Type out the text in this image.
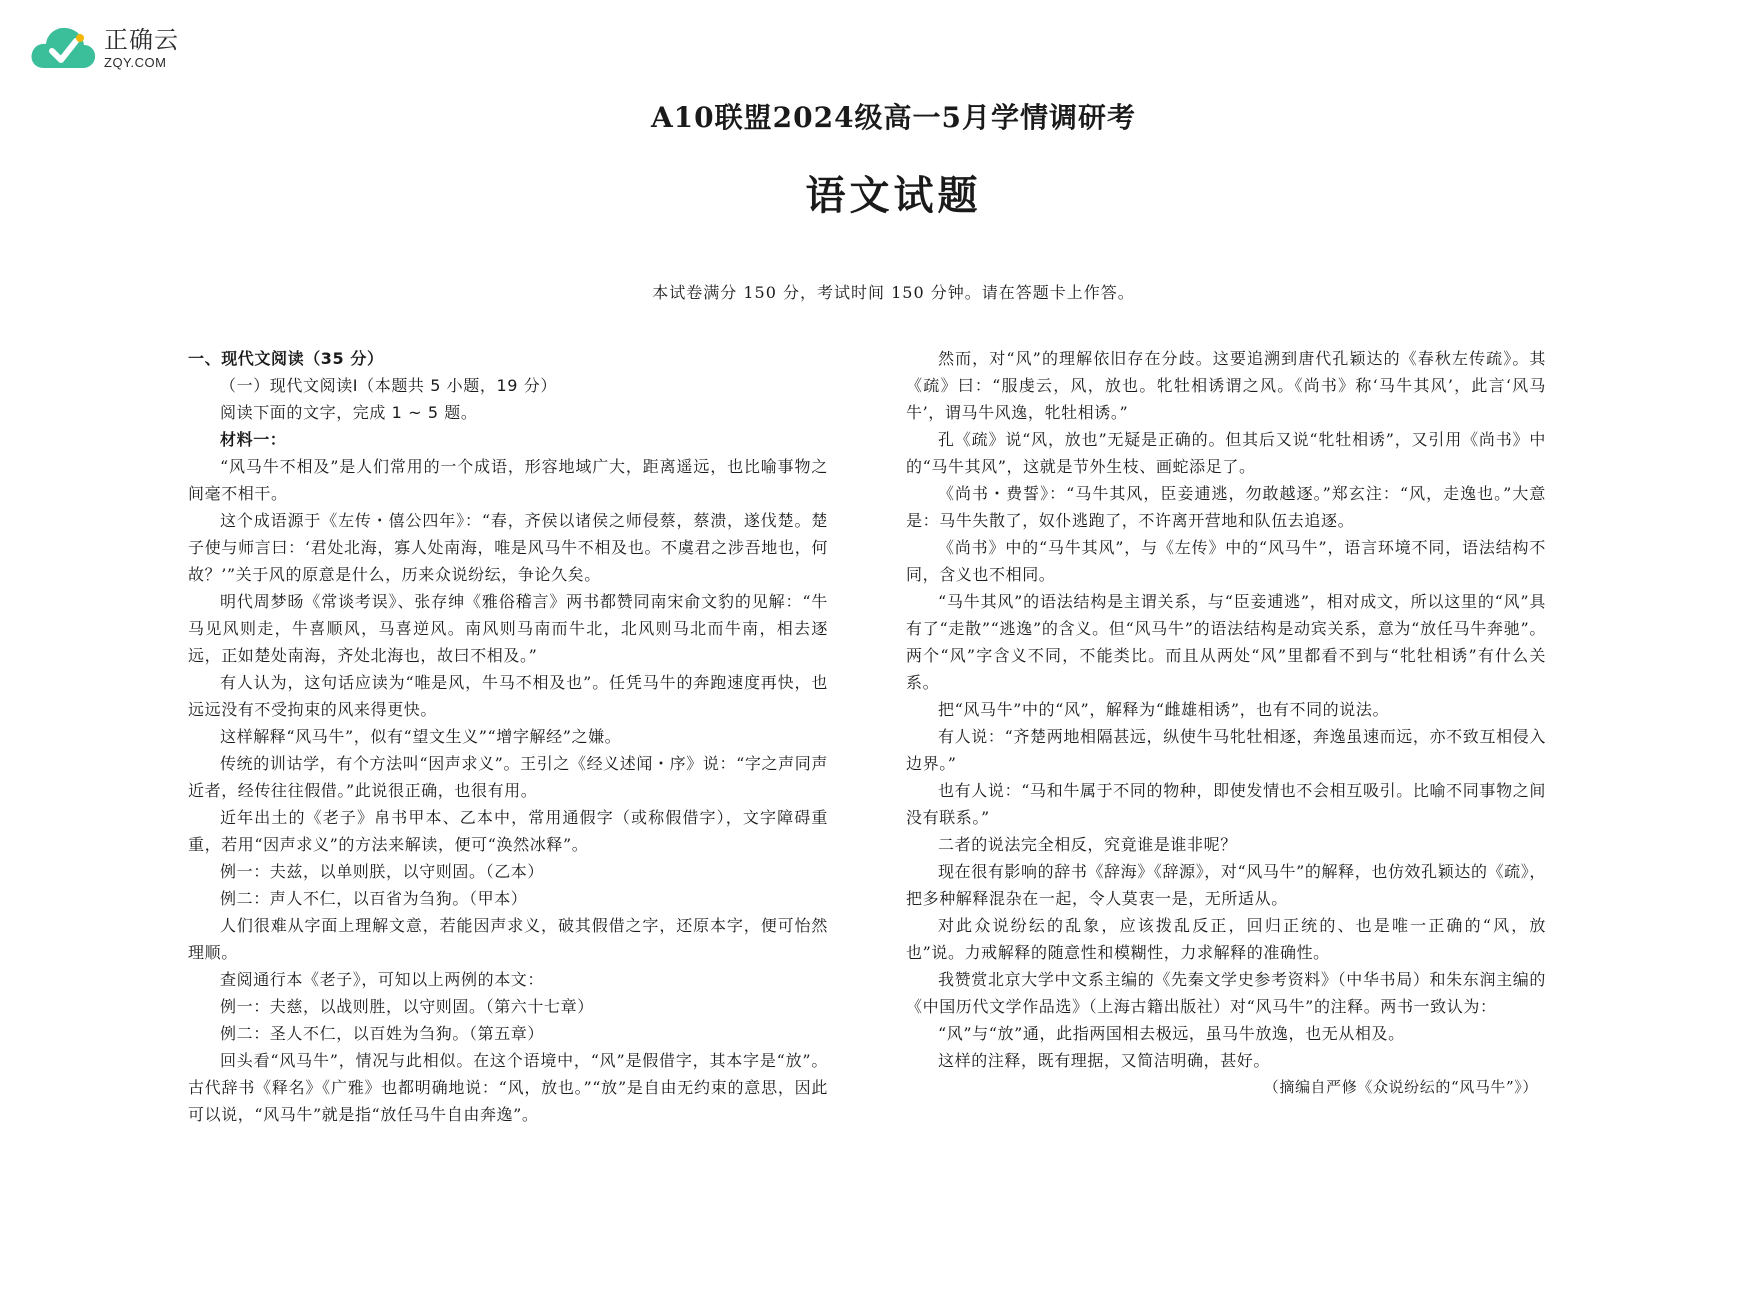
正确云
ZQY.COM
A10联盟2024级高一5月学情调研考
语文试题
本试卷满分 150 分，考试时间 150 分钟。请在答题卡上作答。

一、现代文阅读（35 分）

（一）现代文阅读Ⅰ（本题共 5 小题，19 分）

阅读下面的文字，完成 1 ~ 5 题。

材料一：

“风马牛不相及”是人们常用的一个成语，形容地域广大，距离遥远，也比喻事物之间毫不相干。

这个成语源于《左传・僖公四年》：“春，齐侯以诸侯之师侵蔡，蔡溃，遂伐楚。楚子使与师言曰：‘君处北海，寡人处南海，唯是风马牛不相及也。不虞君之涉吾地也，何故？’”关于风的原意是什么，历来众说纷纭，争论久矣。

明代周梦旸《常谈考误》、张存绅《雅俗稽言》两书都赞同南宋俞文豹的见解：“牛马见风则走，牛喜顺风，马喜逆风。南风则马南而牛北，北风则马北而牛南，相去逐远，正如楚处南海，齐处北海也，故曰不相及。”

有人认为，这句话应读为“唯是风，牛马不相及也”。任凭马牛的奔跑速度再快，也远远没有不受拘束的风来得更快。

这样解释“风马牛”，似有“望文生义”“增字解经”之嫌。

传统的训诂学，有个方法叫“因声求义”。王引之《经义述闻・序》说：“字之声同声近者，经传往往假借。”此说很正确，也很有用。

近年出土的《老子》帛书甲本、乙本中，常用通假字（或称假借字），文字障碍重重，若用“因声求义”的方法来解读，便可“涣然冰释”。

例一：夫兹，以单则朕，以守则固。（乙本）

例二：声人不仁，以百省为刍狗。（甲本）

人们很难从字面上理解文意，若能因声求义，破其假借之字，还原本字，便可怡然理顺。

查阅通行本《老子》，可知以上两例的本文：

例一：夫慈，以战则胜，以守则固。（第六十七章）

例二：圣人不仁，以百姓为刍狗。（第五章）

回头看“风马牛”，情况与此相似。在这个语境中，“风”是假借字，其本字是“放”。古代辞书《释名》《广雅》也都明确地说：“风，放也。”“放”是自由无约束的意思，因此可以说，“风马牛”就是指“放任马牛自由奔逸”。

然而，对“风”的理解依旧存在分歧。这要追溯到唐代孔颖达的《春秋左传疏》。其《疏》曰：“服虔云，风，放也。牝牡相诱谓之风。《尚书》称‘马牛其风’，此言‘风马牛’，谓马牛风逸，牝牡相诱。”

孔《疏》说“风，放也”无疑是正确的。但其后又说“牝牡相诱”，又引用《尚书》中的“马牛其风”，这就是节外生枝、画蛇添足了。

《尚书・费誓》：“马牛其风，臣妾逋逃，勿敢越逐。”郑玄注：“风，走逸也。”大意是：马牛失散了，奴仆逃跑了，不许离开营地和队伍去追逐。

《尚书》中的“马牛其风”，与《左传》中的“风马牛”，语言环境不同，语法结构不同，含义也不相同。

“马牛其风”的语法结构是主谓关系，与“臣妾逋逃”，相对成文，所以这里的“风”具有了“走散”“逃逸”的含义。但“风马牛”的语法结构是动宾关系，意为“放任马牛奔驰”。两个“风”字含义不同，不能类比。而且从两处“风”里都看不到与“牝牡相诱”有什么关系。

把“风马牛”中的“风”，解释为“雌雄相诱”，也有不同的说法。

有人说：“齐楚两地相隔甚远，纵使牛马牝牡相逐，奔逸虽速而远，亦不致互相侵入边界。”

也有人说：“马和牛属于不同的物种，即使发情也不会相互吸引。比喻不同事物之间没有联系。”

二者的说法完全相反，究竟谁是谁非呢？

现在很有影响的辞书《辞海》《辞源》，对“风马牛”的解释，也仿效孔颖达的《疏》，把多种解释混杂在一起，令人莫衷一是，无所适从。

对此众说纷纭的乱象，应该拨乱反正，回归正统的、也是唯一正确的“风，放也”说。力戒解释的随意性和模糊性，力求解释的准确性。

我赞赏北京大学中文系主编的《先秦文学史参考资料》（中华书局）和朱东润主编的《中国历代文学作品选》（上海古籍出版社）对“风马牛”的注释。两书一致认为：

“风”与“放”通，此指两国相去极远，虽马牛放逸，也无从相及。

这样的注释，既有理据，又简洁明确，甚好。

（摘编自严修《众说纷纭的“风马牛”》）
